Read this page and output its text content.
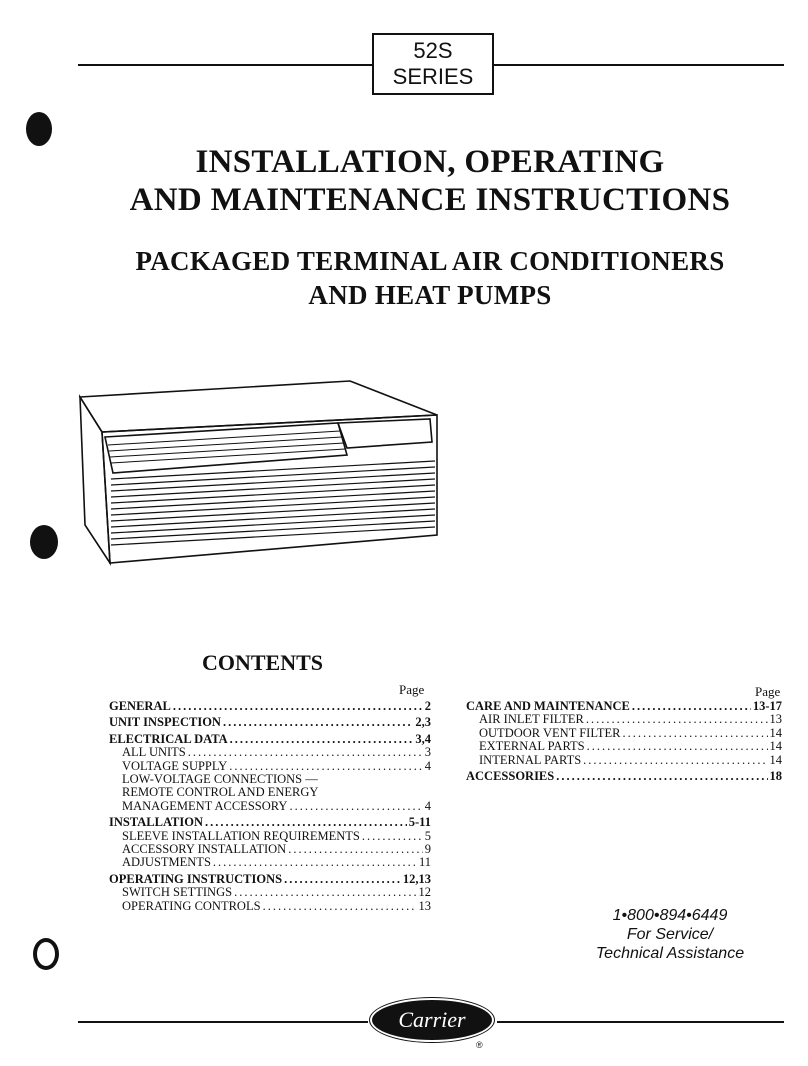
52S
SERIES
INSTALLATION, OPERATING
AND MAINTENANCE INSTRUCTIONS
PACKAGED TERMINAL AIR CONDITIONERS
AND HEAT PUMPS
CONTENTS
Page	Page
GENERAL .....	2
UNIT INSPECTION .....	2,3
ELECTRICAL DATA .....	3,4
ALL UNITS .....	3
VOLTAGE SUPPLY .....	4
LOW-VOLTAGE CONNECTIONS —
REMOTE CONTROL AND ENERGY
MANAGEMENT ACCESSORY .....	4
INSTALLATION .....	5-11
SLEEVE INSTALLATION REQUIREMENTS .....	5
ACCESSORY INSTALLATION .....	9
ADJUSTMENTS .....	11
OPERATING INSTRUCTIONS .....	12,13
SWITCH SETTINGS .....	12
OPERATING CONTROLS .....	13
CARE AND MAINTENANCE .....	13-17
AIR INLET FILTER .....	13
OUTDOOR VENT FILTER .....	14
EXTERNAL PARTS .....	14
INTERNAL PARTS .....	14
ACCESSORIES .....	18
1•800•894•6449
For Service/
Technical Assistance
Carrier
®
